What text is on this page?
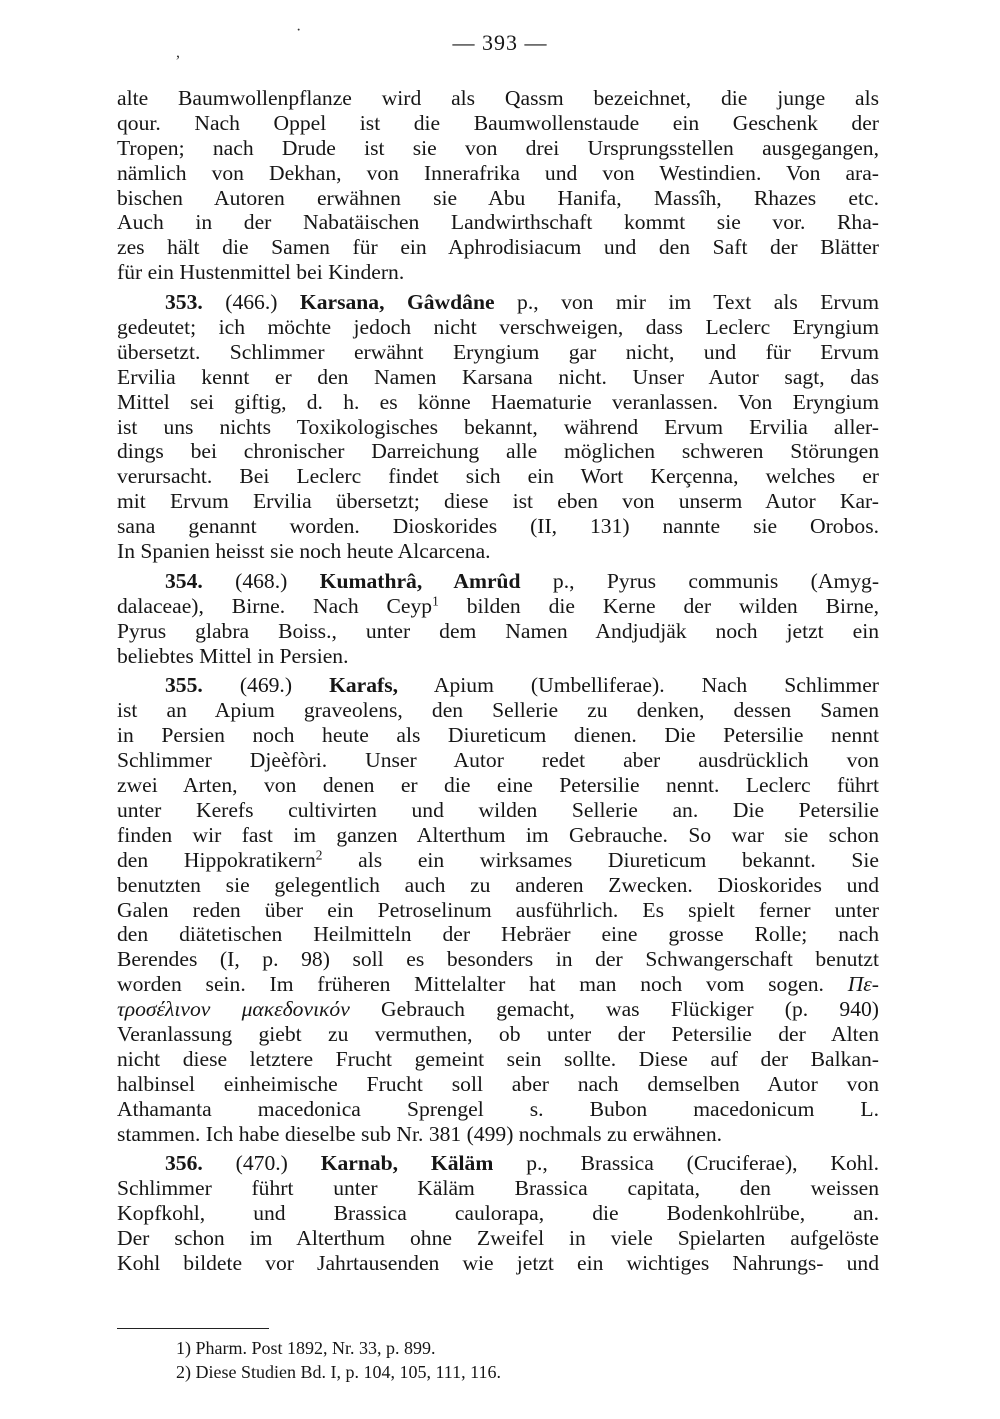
,
·	— 393 —
alte Baumwollenpflanze wird als Qassm bezeichnet, die junge als
qour. Nach Oppel ist die Baumwollenstaude ein Geschenk der
Tropen; nach Drude ist sie von drei Ursprungsstellen ausgegangen,
nämlich von Dekhan, von Innerafrika und von Westindien. Von ara-
bischen Autoren erwähnen sie Abu Hanifa, Massîh, Rhazes etc.
Auch in der Nabatäischen Landwirthschaft kommt sie vor. Rha-
zes hält die Samen für ein Aphrodisiacum und den Saft der Blätter
für ein Hustenmittel bei Kindern.
353. (466.) Karsana, Gâwdâne p., von mir im Text als Ervum
gedeutet; ich möchte jedoch nicht verschweigen, dass Leclerc Eryngium
übersetzt. Schlimmer erwähnt Eryngium gar nicht, und für Ervum
Ervilia kennt er den Namen Karsana nicht. Unser Autor sagt, das
Mittel sei giftig, d. h. es könne Haematurie veranlassen. Von Eryngium
ist uns nichts Toxikologisches bekannt, während Ervum Ervilia aller-
dings bei chronischer Darreichung alle möglichen schweren Störungen
verursacht. Bei Leclerc findet sich ein Wort Kerçenna, welches er
mit Ervum Ervilia übersetzt; diese ist eben von unserm Autor Kar-
sana genannt worden. Dioskorides (II, 131) nannte sie Orobos.
In Spanien heisst sie noch heute Alcarcena.
354. (468.) Kumathrâ, Amrûd p., Pyrus communis (Amyg-
dalaceae), Birne. Nach Ceyp$^1$ bilden die Kerne der wilden Birne,
Pyrus glabra Boiss., unter dem Namen Andjudjäk noch jetzt ein
beliebtes Mittel in Persien.
355. (469.) Karafs, Apium (Umbelliferae). Nach Schlimmer
ist an Apium graveolens, den Sellerie zu denken, dessen Samen
in Persien noch heute als Diureticum dienen. Die Petersilie nennt
Schlimmer Djeèfòri. Unser Autor redet aber ausdrücklich von
zwei Arten, von denen er die eine Petersilie nennt. Leclerc führt
unter Kerefs cultivirten und wilden Sellerie an. Die Petersilie
finden wir fast im ganzen Alterthum im Gebrauche. So war sie schon
den Hippokratikern$^2$ als ein wirksames Diureticum bekannt. Sie
benutzten sie gelegentlich auch zu anderen Zwecken. Dioskorides und
Galen reden über ein Petroselinum ausführlich. Es spielt ferner unter
den diätetischen Heilmitteln der Hebräer eine grosse Rolle; nach
Berendes (I, p. 98) soll es besonders in der Schwangerschaft benutzt
worden sein. Im früheren Mittelalter hat man noch vom sogen. Πε-
τροσέλινον μακεδονικόν Gebrauch gemacht, was Flückiger (p. 940)
Veranlassung giebt zu vermuthen, ob unter der Petersilie der Alten
nicht diese letztere Frucht gemeint sein sollte. Diese auf der Balkan-
halbinsel einheimische Frucht soll aber nach demselben Autor von
Athamanta macedonica Sprengel s. Bubon macedonicum L.
stammen. Ich habe dieselbe sub Nr. 381 (499) nochmals zu erwähnen.
356. (470.) Karnab, Käläm p., Brassica (Cruciferae), Kohl.
Schlimmer führt unter Käläm Brassica capitata, den weissen
Kopfkohl, und Brassica caulorapa, die Bodenkohlrübe, an.
Der schon im Alterthum ohne Zweifel in viele Spielarten aufgelöste
Kohl bildete vor Jahrtausenden wie jetzt ein wichtiges Nahrungs- und
1) Pharm. Post 1892, Nr. 33, p. 899.
2) Diese Studien Bd. I, p. 104, 105, 111, 116.
